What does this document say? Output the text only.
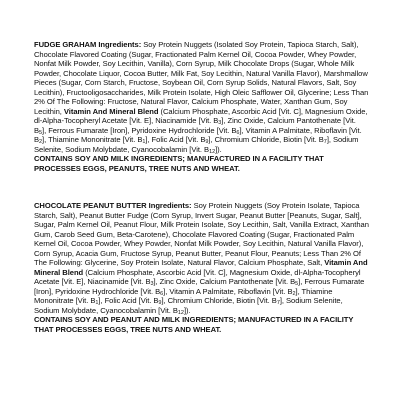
FUDGE GRAHAM Ingredients: Soy Protein Nuggets (Isolated Soy Protein, Tapioca Starch, Salt), Chocolate Flavored Coating (Sugar, Fractionated Palm Kernel Oil, Cocoa Powder, Whey Powder, Nonfat Milk Powder, Soy Lecithin, Vanilla), Corn Syrup, Milk Chocolate Drops (Sugar, Whole Milk Powder, Chocolate Liquor, Cocoa Butter, Milk Fat, Soy Lecithin, Natural Vanilla Flavor), Marshmallow Pieces (Sugar, Corn Starch, Fructose, Soybean Oil, Corn Syrup Solids, Natural Flavors, Salt, Soy Lecithin), Fructooligosaccharides, Milk Protein Isolate, High Oleic Safflower Oil, Glycerine; Less Than 2% Of The Following: Fructose, Natural Flavor, Calcium Phosphate, Water, Xanthan Gum, Soy Lecithin, Vitamin And Mineral Blend (Calcium Phosphate, Ascorbic Acid [Vit. C], Magnesium Oxide, dl-Alpha-Tocopheryl Acetate [Vit. E], Niacinamide [Vit. $B_3$], Zinc Oxide, Calcium Pantothenate [Vit. $B_5$], Ferrous Fumarate [Iron], Pyridoxine Hydrochloride [Vit. $B_6$], Vitamin A Palmitate, Riboflavin [Vit. $B_2$], Thiamine Mononitrate [Vit. $B_1$], Folic Acid [Vit. $B_9$], Chromium Chloride, Biotin [Vit. $B_7$], Sodium Selenite, Sodium Molybdate, Cyanocobalamin [Vit. $B_{12}$]).
CONTAINS SOY AND MILK INGREDIENTS; MANUFACTURED IN A FACILITY THAT PROCESSES EGGS, PEANUTS, TREE NUTS AND WHEAT.

CHOCOLATE PEANUT BUTTER Ingredients: Soy Protein Nuggets (Soy Protein Isolate, Tapioca Starch, Salt), Peanut Butter Fudge (Corn Syrup, Invert Sugar, Peanut Butter [Peanuts, Sugar, Salt], Sugar, Palm Kernel Oil, Peanut Flour, Milk Protein Isolate, Soy Lecithin, Salt, Vanilla Extract, Xanthan Gum, Carob Seed Gum, Beta-Carotene), Chocolate Flavored Coating (Sugar, Fractionated Palm Kernel Oil, Cocoa Powder, Whey Powder, Nonfat Milk Powder, Soy Lecithin, Natural Vanilla Flavor), Corn Syrup, Acacia Gum, Fructose Syrup, Peanut Butter, Peanut Flour, Peanuts; Less Than 2% Of The Following: Glycerine, Soy Protein Isolate, Natural Flavor, Calcium Phosphate, Salt, Vitamin And Mineral Blend (Calcium Phosphate, Ascorbic Acid [Vit. C], Magnesium Oxide, dl-Alpha-Tocopheryl Acetate [Vit. E], Niacinamide [Vit. $B_3$], Zinc Oxide, Calcium Pantothenate [Vit. $B_5$], Ferrous Fumarate [Iron], Pyridoxine Hydrochloride [Vit. $B_6$], Vitamin A Palmitate, Riboflavin [Vit. $B_2$], Thiamine Mononitrate [Vit. $B_1$], Folic Acid [Vit. $B_9$], Chromium Chloride, Biotin [Vit. $B_7$], Sodium Selenite, Sodium Molybdate, Cyanocobalamin [Vit. $B_{12}$]).
CONTAINS SOY AND PEANUT AND MILK INGREDIENTS; MANUFACTURED IN A FACILITY THAT PROCESSES EGGS, TREE NUTS AND WHEAT.
